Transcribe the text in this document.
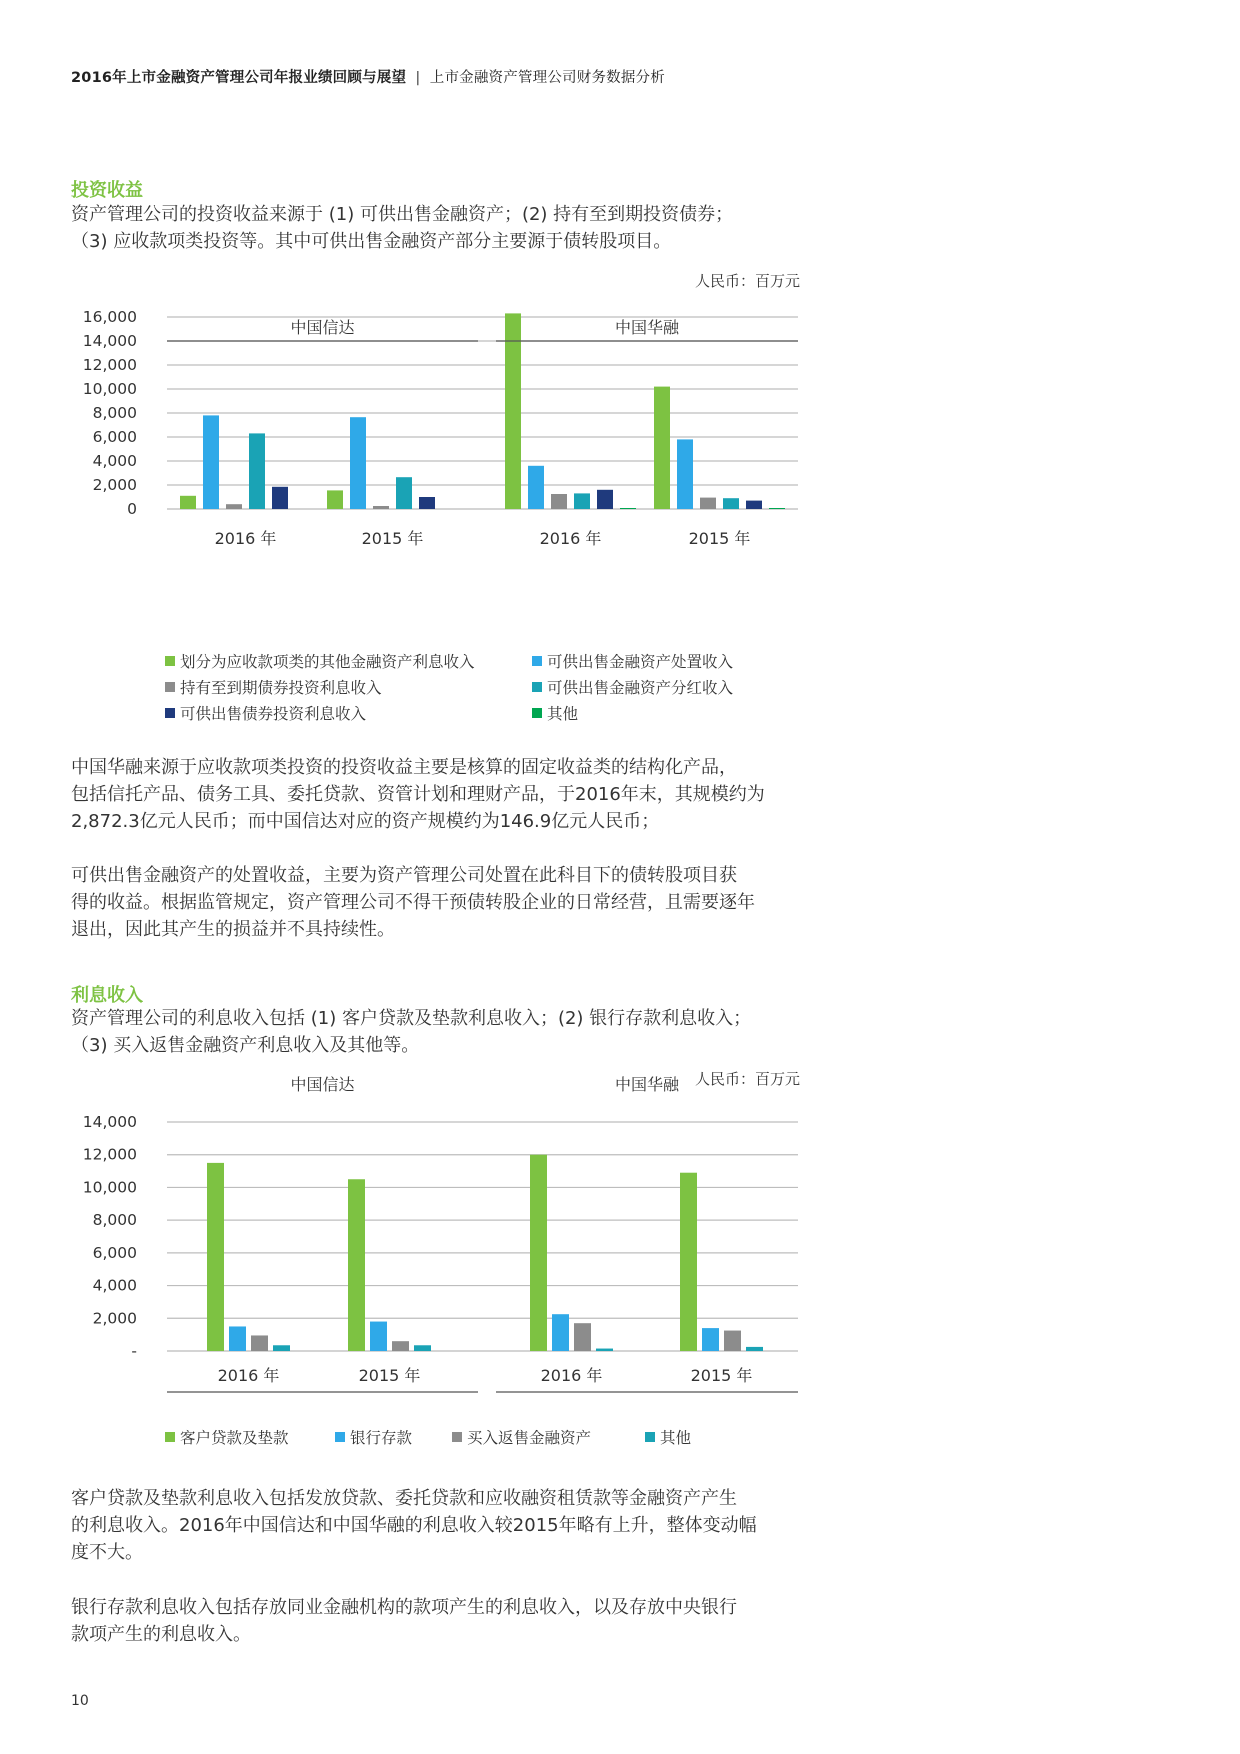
2016年上市金融资产管理公司年报业绩回顾与展望 | 上市金融资产管理公司财务数据分析
投资收益

资产管理公司的投资收益来源于 (1) 可供出售金融资产；(2) 持有至到期投资债券；
（3) 应收款项类投资等。其中可供出售金融资产部分主要源于债转股项目。

人民币：百万元
0
2,000
4,000
6,000
8,000
10,000
12,000
14,000
16,000
2016 年	2015 年	2016 年	2015 年
中国信达	中国华融
划分为应收款项类的其他金融资产利息收入	可供出售金融资产处置收入
持有至到期债券投资利息收入	可供出售金融资产分红收入
可供出售债券投资利息收入	其他

中国华融来源于应收款项类投资的投资收益主要是核算的固定收益类的结构化产品，
包括信托产品、债务工具、委托贷款、资管计划和理财产品，于2016年末，其规模约为
2,872.3亿元人民币；而中国信达对应的资产规模约为146.9亿元人民币；

可供出售金融资产的处置收益，主要为资产管理公司处置在此科目下的债转股项目获
得的收益。根据监管规定，资产管理公司不得干预债转股企业的日常经营，且需要逐年
退出，因此其产生的损益并不具持续性。

利息收入

资产管理公司的利息收入包括 (1) 客户贷款及垫款利息收入；(2) 银行存款利息收入；
（3) 买入返售金融资产利息收入及其他等。

人民币：百万元
-
2,000
4,000
6,000
8,000
10,000
12,000
14,000
2016 年	2015 年	2016 年	2015 年
中国信达	中国华融
客户贷款及垫款	银行存款	买入返售金融资产	其他

客户贷款及垫款利息收入包括发放贷款、委托贷款和应收融资租赁款等金融资产产生
的利息收入。2016年中国信达和中国华融的利息收入较2015年略有上升，整体变动幅
度不大。

银行存款利息收入包括存放同业金融机构的款项产生的利息收入，以及存放中央银行
款项产生的利息收入。

10
